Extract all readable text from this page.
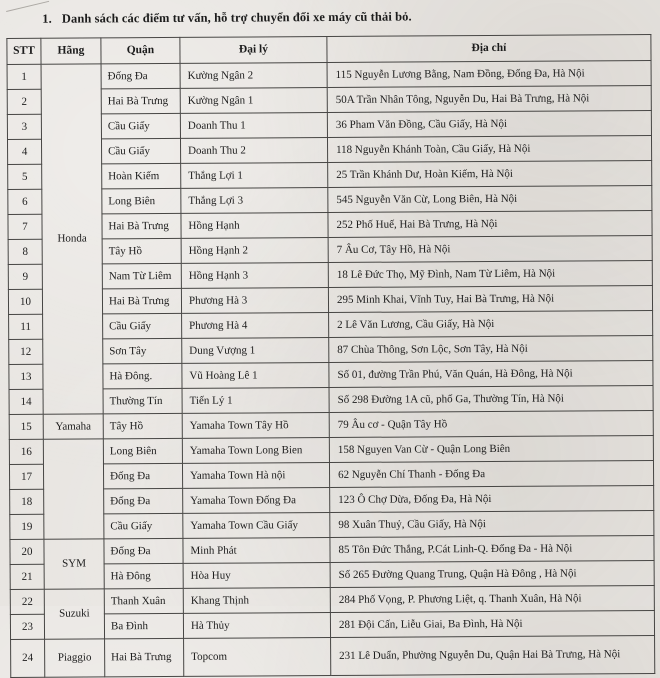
1. Danh sách các điểm tư vấn, hỗ trợ chuyển đổi xe máy cũ thải bỏ.
STT	Hãng	Quận	Đại lý	Địa chỉ
1	Honda	Đống Đa	Kường Ngân 2	115 Nguyễn Lương Bằng, Nam Đồng, Đống Đa, Hà Nội
2		Hai Bà Trưng	Kường Ngân 1	50A Trần Nhân Tông, Nguyễn Du, Hai Bà Trưng, Hà Nội
3		Cầu Giấy	Doanh Thu 1	36 Pham Văn Đồng, Cầu Giấy, Hà Nội
4		Cầu Giấy	Doanh Thu 2	118 Nguyễn Khánh Toàn, Cầu Giấy, Hà Nội
5		Hoàn Kiếm	Thắng Lợi 1	25 Trần Khánh Dư, Hoàn Kiếm, Hà Nội
6		Long Biên	Thắng Lợi 3	545 Nguyễn Văn Cừ, Long Biên, Hà Nội
7		Hai Bà Trưng	Hồng Hạnh	252 Phố Huế, Hai Bà Trưng, Hà Nội
8		Tây Hồ	Hồng Hạnh 2	7 Âu Cơ, Tây Hồ, Hà Nội
9		Nam Từ Liêm	Hồng Hạnh 3	18 Lê Đức Thọ, Mỹ Đình, Nam Từ Liêm, Hà Nội
10		Hai Bà Trưng	Phương Hà 3	295 Minh Khai, Vĩnh Tuy, Hai Bà Trưng, Hà Nội
11		Cầu Giấy	Phương Hà 4	2 Lê Văn Lương, Cầu Giấy, Hà Nội
12		Sơn Tây	Dung Vượng 1	87 Chùa Thông, Sơn Lộc, Sơn Tây, Hà Nội
13		Hà Đông.	Vũ Hoàng Lê 1	Số 01, đường Trần Phú, Văn Quán, Hà Đông, Hà Nội
14		Thường Tín	Tiến Lý 1	Số 298 Đường 1A cũ, phố Ga, Thường Tín, Hà Nội
15	Yamaha	Tây Hồ	Yamaha Town Tây Hồ	79 Âu cơ - Quận Tây Hồ
16		Long Biên	Yamaha Town Long Bien	158 Nguyen Van Cừ - Quận Long Biên
17		Đống Đa	Yamaha Town Hà nội	62 Nguyễn Chí Thanh - Đống Đa
18		Đống Đa	Yamaha Town Đống Đa	123 Ô Chợ Dừa, Đống Đa, Hà Nội
19		Cầu Giấy	Yamaha Town Cầu Giấy	98 Xuân Thuỷ, Cầu Giấy, Hà Nội
20	SYM	Đống Đa	Minh Phát	85 Tôn Đức Thắng, P.Cát Linh-Q. Đống Đa - Hà Nội
21		Hà Đông	Hòa Huy	Số 265 Đường Quang Trung, Quận Hà Đông , Hà Nội
22	Suzuki	Thanh Xuân	Khang Thịnh	284 Phố Vọng, P. Phương Liệt, q. Thanh Xuân, Hà Nội
23		Ba Đình	Hà Thủy	281 Đội Cấn, Liễu Giai, Ba Đình, Hà Nội
24	Piaggio	Hai Bà Trưng	Topcom	231 Lê Duẩn, Phường Nguyễn Du, Quận Hai Bà Trưng, Hà Nội
